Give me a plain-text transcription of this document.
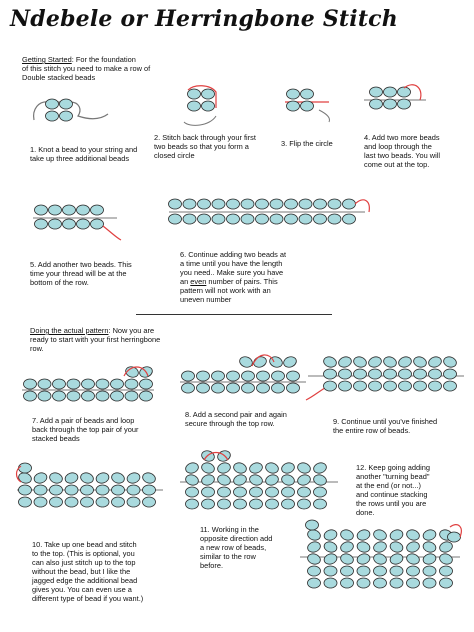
Ndebele or Herringbone Stitch
Getting Started: For the foundation
of this stitch you need to make a row of
Double stacked beads
1. Knot a bead to your string and
take up three additional beads
2. Stitch back through your first
two beads so that you form a
closed circle
3. Flip the circle
4. Add two more beads
and loop through the
last two beads. You will
come out at the top.
5. Add another two beads. This
time your thread will be at the
bottom of the row.
6. Continue adding two beads at
a time until you have the length
you need.. Make sure you have
an even number of pairs. This
pattern will not work with an
uneven number
Doing the actual pattern: Now you are
ready to start with your first herringbone
row.
7. Add a pair of beads and loop
back through the top pair of your
stacked beads
8. Add a second pair and again
secure through the top row.	9. Continue until you've finished
the entire row of beads.
10. Take up one bead and stitch
to the top. (This is optional, you
can also just stitch up to the top
without the bead, but I like the
jagged edge the additional bead
gives you. You can even use a
different type of bead if you want.)
11. Working in the
opposite direction add
a new row of beads,
similar to the row
before.
12. Keep going adding
another "turning bead"
at the end (or not...)
and continue stacking
the rows until you are
done.
